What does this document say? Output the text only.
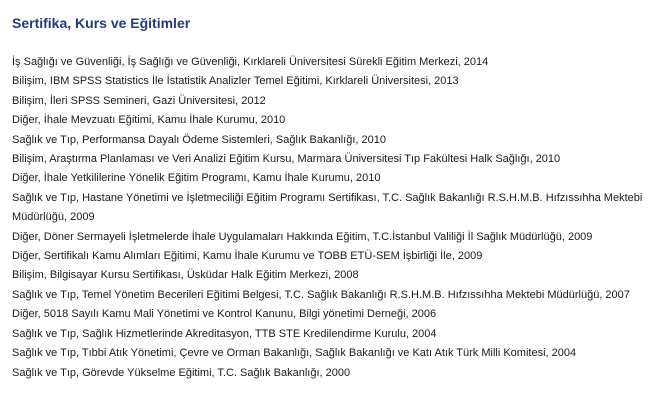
Sertifika, Kurs ve Eğitimler
İş Sağlığı ve Güvenliği, İş Sağlığı ve Güvenliği, Kırklareli Üniversitesi Sürekli Eğitim Merkezi, 2014
Bilişim, IBM SPSS Statistics İle İstatistik Analizler Temel Eğitimi, Kırklareli Üniversitesi, 2013
Bilişim, İleri SPSS Semineri, Gazi Üniversitesi, 2012
Diğer, İhale Mevzuatı Eğitimi, Kamu İhale Kurumu, 2010
Sağlık ve Tıp, Performansa Dayalı Ödeme Sistemleri, Sağlık Bakanlığı, 2010
Bilişim, Araştırma Planlaması ve Veri Analizi Eğitim Kursu, Marmara Üniversitesi Tıp Fakültesi Halk Sağlığı, 2010
Diğer, İhale Yetkililerine Yönelik Eğitim Programı, Kamu İhale Kurumu, 2010
Sağlık ve Tıp, Hastane Yönetimi ve İşletmeciliği Eğitim Programı Sertifikası, T.C. Sağlık Bakanlığı R.S.H.M.B. Hıfzıssıhha Mektebi Müdürlüğü, 2009
Diğer, Döner Sermayeli İşletmelerde İhale Uygulamaları Hakkında Eğitim, T.C.İstanbul Valiliği İl Sağlık Müdürlüğü, 2009
Diğer, Sertifikalı Kamu Alımları Eğitimi, Kamu İhale Kurumu ve TOBB ETÜ-SEM İşbirliği İle, 2009
Bilişim, Bilgisayar Kursu Sertifikası, Üsküdar Halk Eğitim Merkezi, 2008
Sağlık ve Tıp, Temel Yönetim Becerileri Eğitimi Belgesi, T.C. Sağlık Bakanlığı R.S.H.M.B. Hıfzıssıhha Mektebi Müdürlüğü, 2007
Diğer, 5018 Sayılı Kamu Mali Yönetimi ve Kontrol Kanunu, Bilgi yönetimi Derneği, 2006
Sağlık ve Tıp, Sağlık Hizmetlerinde Akreditasyon, TTB STE Kredilendirme Kurulu, 2004
Sağlık ve Tıp, Tıbbi Atık Yönetimi, Çevre ve Orman Bakanlığı, Sağlık Bakanlığı ve Katı Atık Türk Milli Komitesi, 2004
Sağlık ve Tıp, Görevde Yükselme Eğitimi, T.C. Sağlık Bakanlığı, 2000
